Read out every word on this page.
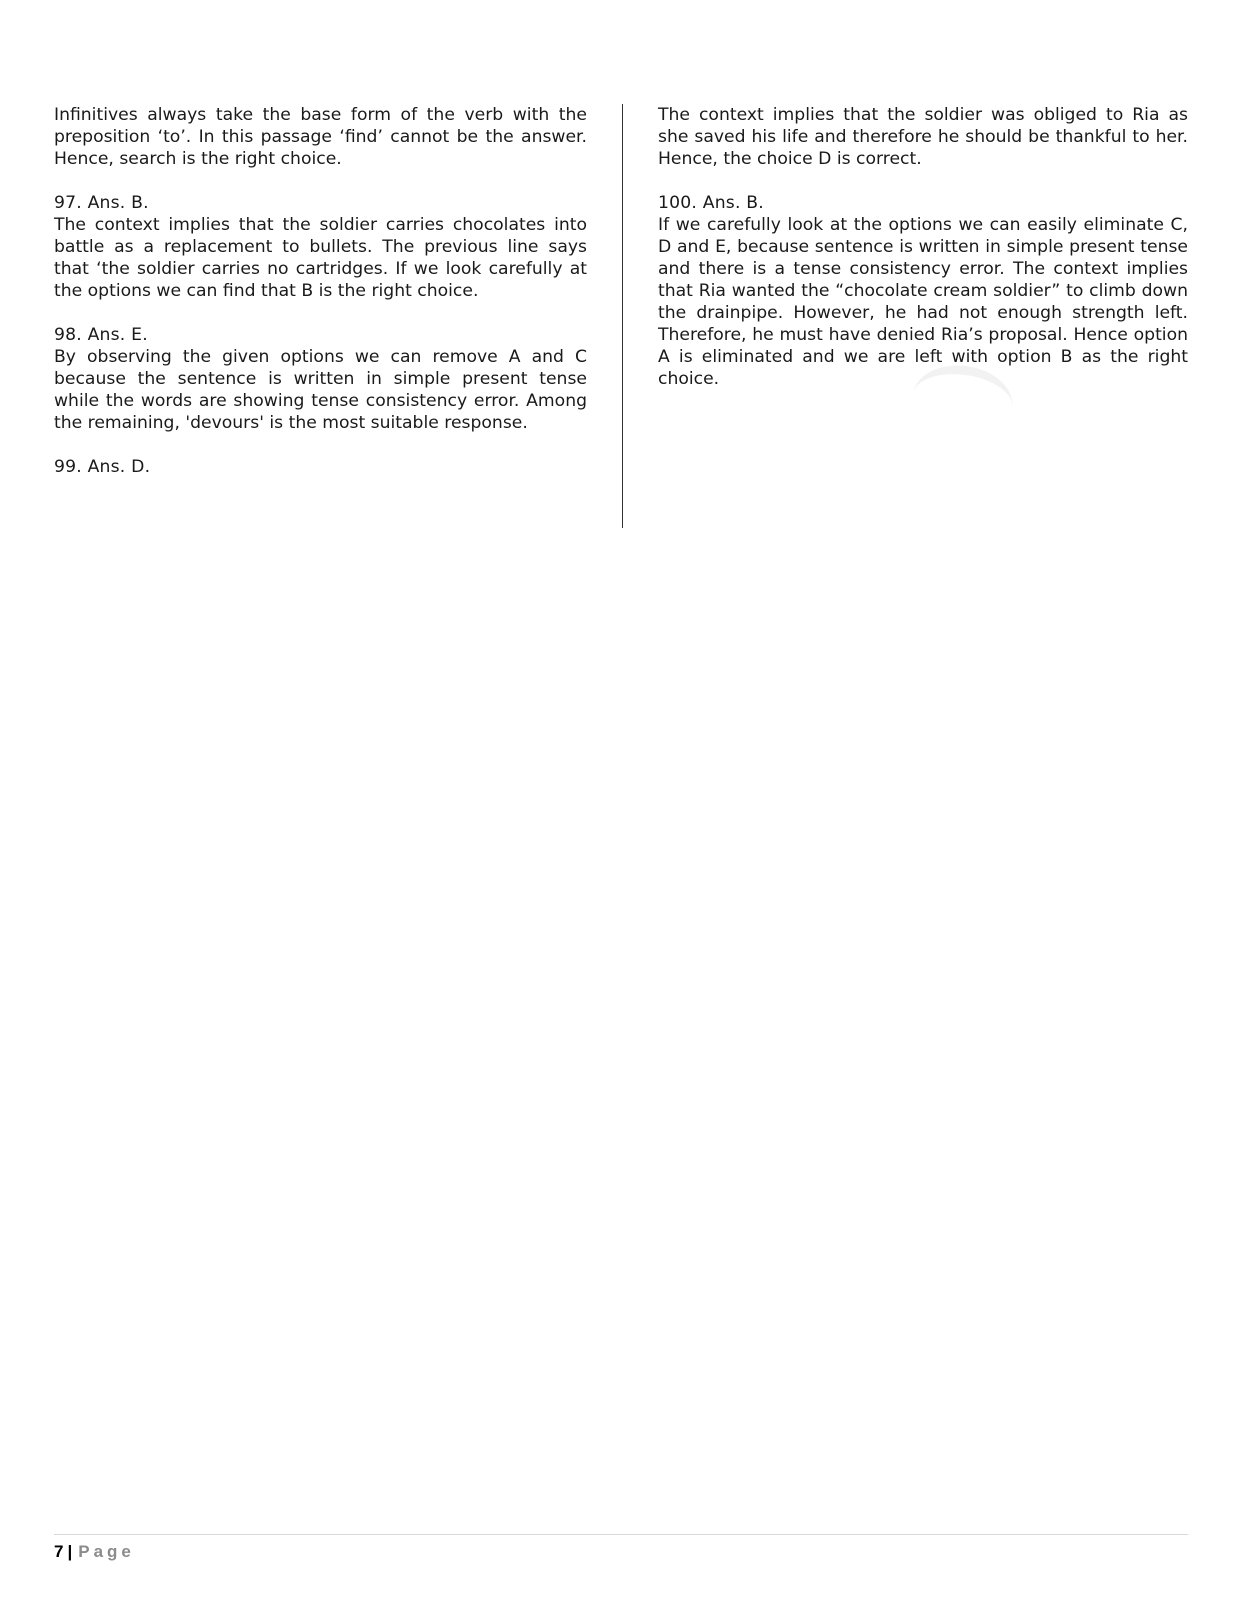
Infinitives always take the base form of the verb with the preposition ‘to’. In this passage ‘find’ cannot be the answer. Hence, search is the right choice.

97. Ans. B.

The context implies that the soldier carries chocolates into battle as a replacement to bullets. The previous line says that ‘the soldier carries no cartridges. If we look carefully at the options we can find that B is the right choice.

98. Ans. E.

By observing the given options we can remove A and C because the sentence is written in simple present tense while the words are showing tense consistency error. Among the remaining, 'devours' is the most suitable response.

99. Ans. D.

The context implies that the soldier was obliged to Ria as she saved his life and therefore he should be thankful to her. Hence, the choice D is correct.

100. Ans. B.

If we carefully look at the options we can easily eliminate C, D and E, because sentence is written in simple present tense and there is a tense consistency error. The context implies that Ria wanted the “chocolate cream soldier” to climb down the drainpipe. However, he had not enough strength left. Therefore, he must have denied Ria’s proposal. Hence option A is eliminated and we are left with option B as the right choice.

7 | Page
